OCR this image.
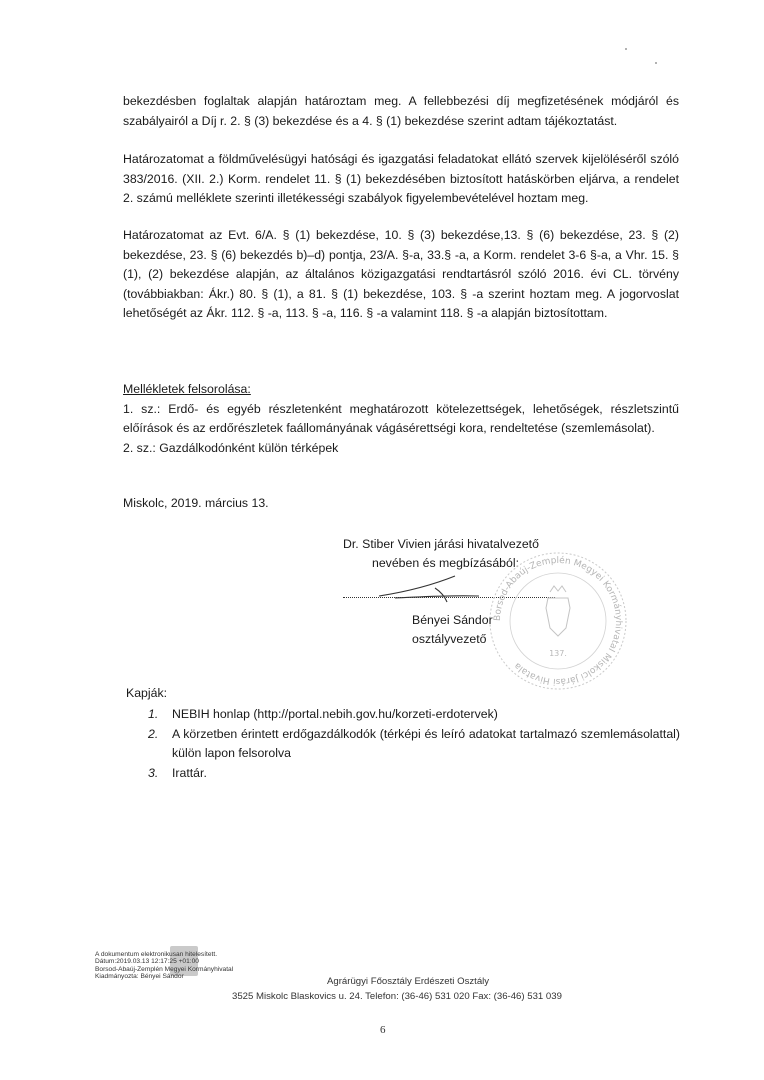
bekezdésben foglaltak alapján határoztam meg. A fellebbezési díj megfizetésének módjáról és szabályairól a Díj r. 2. § (3) bekezdése és a 4. § (1) bekezdése szerint adtam tájékoztatást.

Határozatomat a földművelésügyi hatósági és igazgatási feladatokat ellátó szervek kijelöléséről szóló 383/2016. (XII. 2.) Korm. rendelet 11. § (1) bekezdésében biztosított hatáskörben eljárva, a rendelet 2. számú melléklete szerinti illetékességi szabályok figyelembevételével hoztam meg.

Határozatomat az Evt. 6/A. § (1) bekezdése, 10. § (3) bekezdése,13. § (6) bekezdése, 23. § (2) bekezdése, 23. § (6) bekezdés b)–d) pontja, 23/A. §-a, 33.§ -a, a Korm. rendelet 3-6 §-a, a Vhr. 15. § (1), (2) bekezdése alapján, az általános közigazgatási rendtartásról szóló 2016. évi CL. törvény (továbbiakban: Ákr.) 80. § (1), a 81. § (1) bekezdése, 103. § -a szerint hoztam meg. A jogorvoslat lehetőségét az Ákr. 112. § -a, 113. § -a, 116. § -a valamint 118. § -a alapján biztosítottam.

Mellékletek felsorolása:

1. sz.: Erdő- és egyéb részletenként meghatározott kötelezettségek, lehetőségek, részletszintű előírások és az erdőrészletek faállományának vágásérettségi kora, rendeltetése (szemlemásolat).

2. sz.: Gazdálkodónként külön térképek

Miskolc, 2019. március 13.
Dr. Stiber Vivien járási hivatalvezető
nevében és megbízásából:
Borsod-Abaúj-Zemplén Megyei Kormányhivatal Miskolci Járási Hivatala
137.
Bényei Sándor
osztályvezető
Kapják:
1.	NEBIH honlap (http://portal.nebih.gov.hu/korzeti-erdotervek)
2.	A körzetben érintett erdőgazdálkodók (térképi és leíró adatokat tartalmazó szemlemásolattal) külön lapon felsorolva
3.	Irattár.
A dokumentum elektronikusan hitelesített.
Dátum:2019.03.13 12:17:25 +01:00
Borsod-Abaúj-Zemplén Megyei Kormányhivatal
Kiadmányozta: Bényei Sándor	Agrárügyi Főosztály Erdészeti Osztály
3525 Miskolc Blaskovics u. 24. Telefon: (36-46) 531 020 Fax: (36-46) 531 039
6
